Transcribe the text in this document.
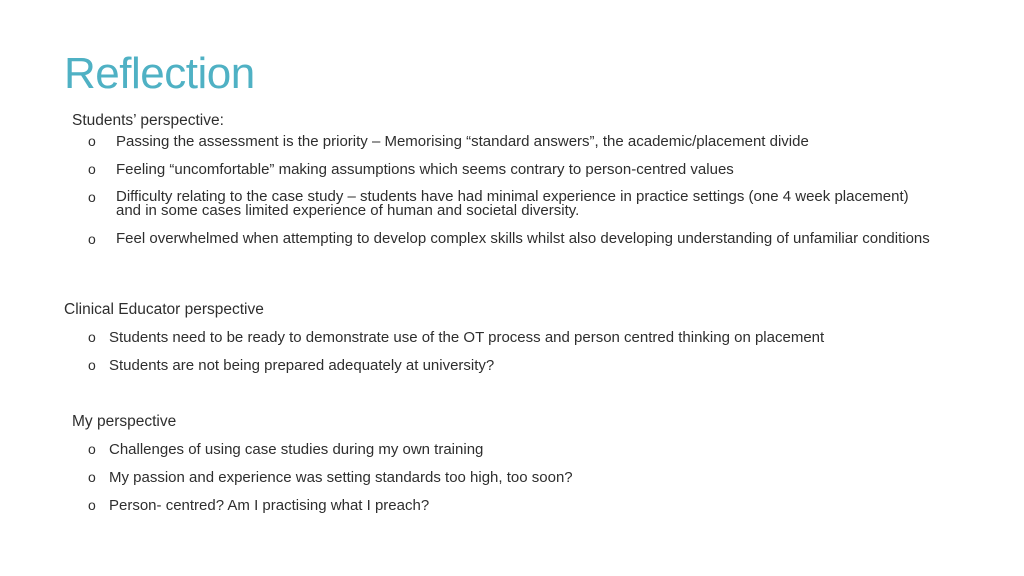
Reflection
Students’ perspective:
o Passing the assessment is the priority – Memorising “standard answers”, the academic/placement divide
o Feeling “uncomfortable” making assumptions which seems contrary to person-centred values
o Difficulty relating to the case study – students have had minimal experience in practice settings (one 4 week placement) and in some cases limited experience of human and societal diversity.
o Feel overwhelmed when attempting to develop complex skills whilst also developing understanding of unfamiliar conditions
Clinical Educator perspective
o Students need to be ready to demonstrate use of the OT process and person centred thinking on placement
o Students are not being prepared adequately at university?
My perspective
o Challenges of using case studies during my own training
o My passion and experience was setting standards too high, too soon?
o Person- centred? Am I practising what I preach?
